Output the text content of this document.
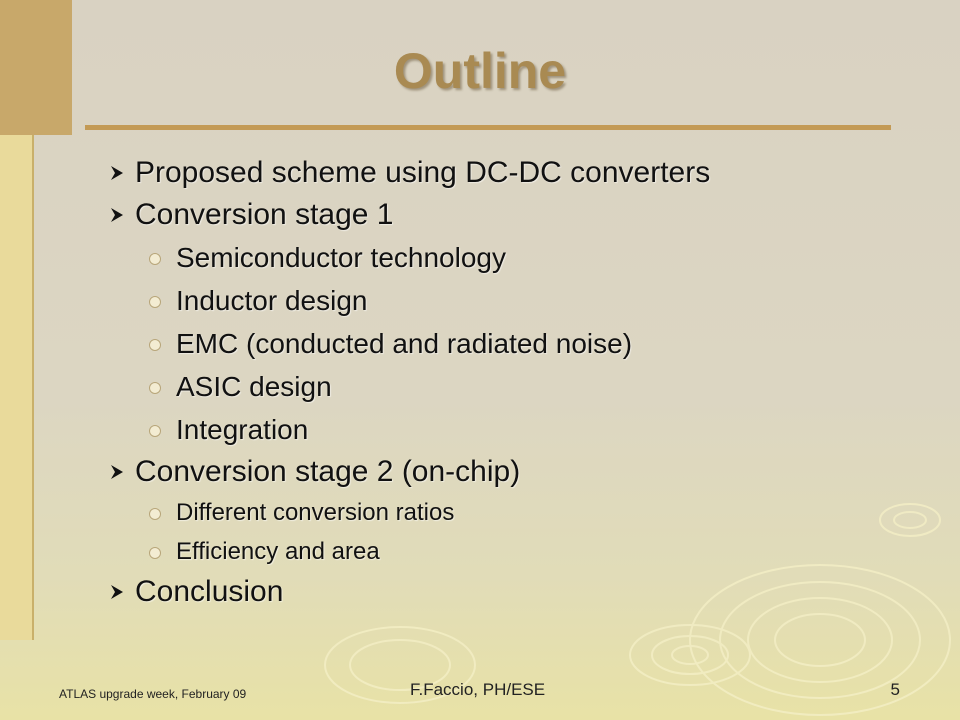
Outline
Proposed scheme using DC-DC converters
Conversion stage 1
Semiconductor technology
Inductor design
EMC (conducted and radiated noise)
ASIC design
Integration
Conversion stage 2 (on-chip)
Different conversion ratios
Efficiency and area
Conclusion
ATLAS upgrade week, February 09	F.Faccio, PH/ESE	5
